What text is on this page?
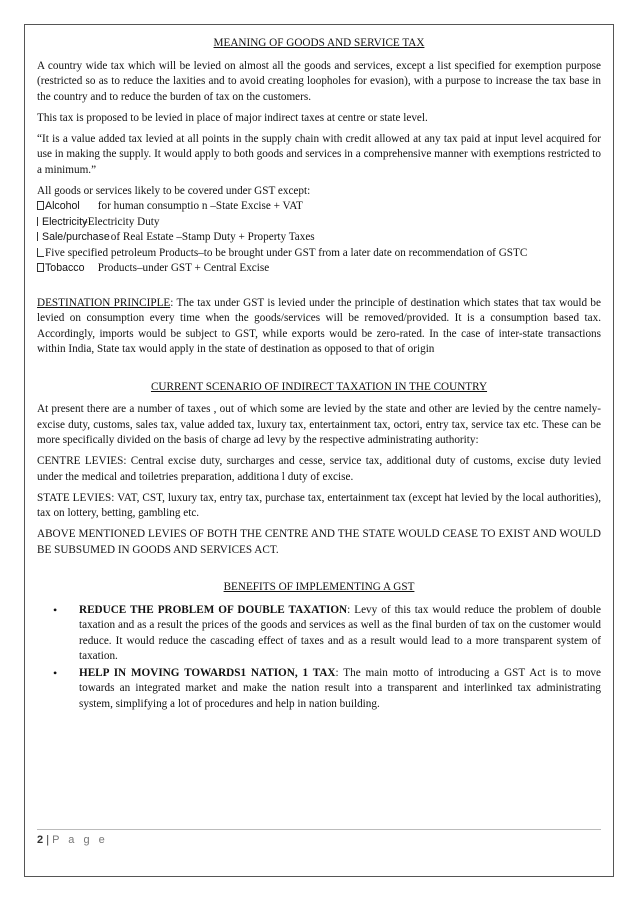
MEANING OF GOODS AND SERVICE TAX

A country wide tax which will be levied on almost all the goods and services, except a list specified for exemption purpose (restricted so as to reduce the laxities and to avoid creating loopholes for evasion), with a purpose to increase the tax base in the country and to reduce the burden of tax on the customers.

This tax is proposed to be levied in place of major indirect taxes at centre or state level.

“It is a value added tax levied at all points in the supply chain with credit allowed at any tax paid at input level acquired for use in making the supply. It would apply to both goods and services in a comprehensive manner with exemptions restricted to a minimum.”

All goods or services likely to be covered under GST except:
Alcohol for human consumptio n –State Excise + VAT
Electricity-Electricity Duty
Sale/purchase of Real Estate –Stamp Duty + Property Taxes
Five specified petroleum Products–to be brought under GST from a later date on recommendation of GSTC
Tobacco Products–under GST + Central Excise

DESTINATION PRINCIPLE: The tax under GST is levied under the principle of destination which states that tax would be levied on consumption every time when the goods/services will be removed/provided. It is a consumption based tax. Accordingly, imports would be subject to GST, while exports would be zero-rated. In the case of inter-state transactions within India, State tax would apply in the state of destination as opposed to that of origin

CURRENT SCENARIO OF INDIRECT TAXATION IN THE COUNTRY

At present there are a number of taxes , out of which some are levied by the state and other are levied by the centre namely- excise duty, customs, sales tax, value added tax, luxury tax, entertainment tax, octori, entry tax, service tax etc. These can be more specifically divided on the basis of charge ad levy by the respective administrating authority:

CENTRE LEVIES: Central excise duty, surcharges and cesse, service tax, additional duty of customs, excise duty levied under the medical and toiletries preparation, additiona l duty of excise.

STATE LEVIES: VAT, CST, luxury tax, entry tax, purchase tax, entertainment tax (except hat levied by the local authorities), tax on lottery, betting, gambling etc.

ABOVE MENTIONED LEVIES OF BOTH THE CENTRE AND THE STATE WOULD CEASE TO EXIST AND WOULD BE SUBSUMED IN GOODS AND SERVICES ACT.

BENEFITS OF IMPLEMENTING A GST
• REDUCE THE PROBLEM OF DOUBLE TAXATION: Levy of this tax would reduce the problem of double taxation and as a result the prices of the goods and services as well as the final burden of tax on the customer would reduce. It would reduce the cascading effect of taxes and as a result would lead to a more transparent system of taxation.
• HELP IN MOVING TOWARDS1 NATION, 1 TAX: The main motto of introducing a GST Act is to move towards an integrated market and make the nation result into a transparent and interlinked tax administrating system, simplifying a lot of procedures and help in nation building.
2 | P a g e
